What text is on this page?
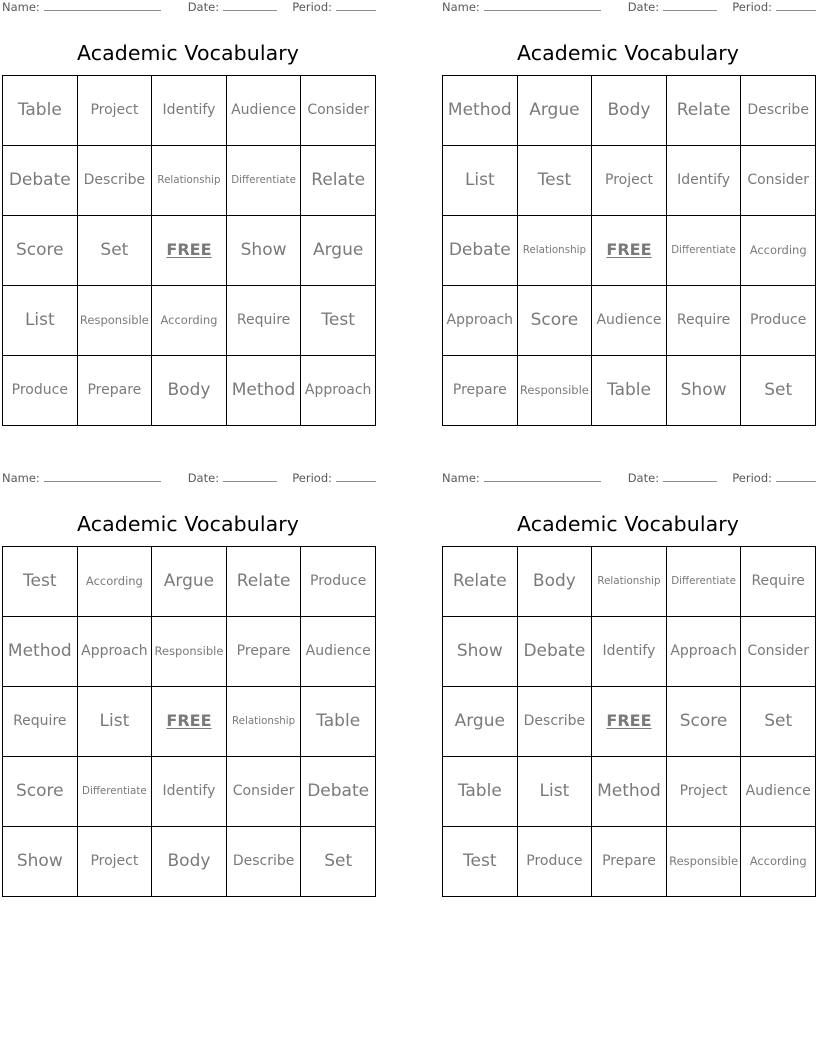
Name:	Date:	Period:
Academic Vocabulary
Table	Project	Identify	Audience	Consider
Debate	Describe	Relationship	Differentiate	Relate
Score	Set	FREE	Show	Argue
List	Responsible	According	Require	Test
Produce	Prepare	Body	Method	Approach
Name:	Date:	Period:
Academic Vocabulary
Method	Argue	Body	Relate	Describe
List	Test	Project	Identify	Consider
Debate	Relationship	FREE	Differentiate	According
Approach	Score	Audience	Require	Produce
Prepare	Responsible	Table	Show	Set
Name:	Date:	Period:
Academic Vocabulary
Test	According	Argue	Relate	Produce
Method	Approach	Responsible	Prepare	Audience
Require	List	FREE	Relationship	Table
Score	Differentiate	Identify	Consider	Debate
Show	Project	Body	Describe	Set
Name:	Date:	Period:
Academic Vocabulary
Relate	Body	Relationship	Differentiate	Require
Show	Debate	Identify	Approach	Consider
Argue	Describe	FREE	Score	Set
Table	List	Method	Project	Audience
Test	Produce	Prepare	Responsible	According
